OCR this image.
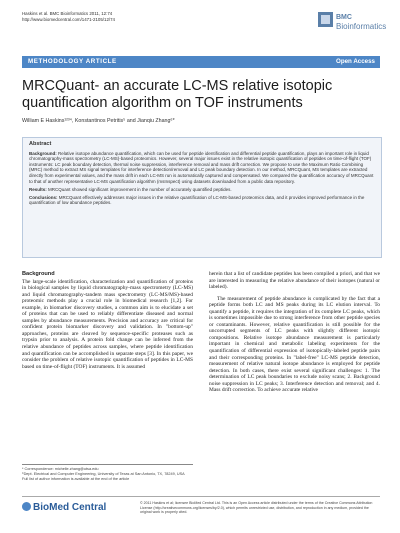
Haskins et al. BMC Bioinformatics 2011, 12:74
http://www.biomedcentral.com/1471-2105/12/74	BMC
Bioinformatics
METHODOLOGY ARTICLE	Open Access
MRCQuant- an accurate LC-MS relative isotopic quantification algorithm on TOF instruments
William E Haskins¹²³⁴, Konstantinos Petritis⁵ and Jianqiu Zhang⁶*
Abstract

Background: Relative isotope abundance quantification, which can be used for peptide identification and differential peptide quantification, plays an important role in liquid chromatography-mass spectrometry (LC-MS)-based proteomics. However, several major issues exist in the relative isotopic quantification of peptides on time-of-flight (TOF) instruments: LC peak boundary detection, thermal noise suppression, interference removal and mass drift correction. We propose to use the Maximum Ratio Combining (MRC) method to extract MS signal templates for interference detection/removal and LC peak boundary detection. In our method, MRCQuant, MS templates are extracted directly from experimental values, and the mass drift in each LC-MS run is automatically captured and compensated. We compared the quantification accuracy of MRCQuant to that of another representative LC-MS quantification algorithm (msInspect) using datasets downloaded from a public data repository.

Results: MRCQuant showed significant improvement in the number of accurately quantified peptides.

Conclusions: MRCQuant effectively addresses major issues in the relative quantification of LC-MS-based proteomics data, and it provides improved performance in the quantification of low abundance peptides.

Background

The large-scale identification, characterization and quantification of proteins in biological samples by liquid chromatography-mass spectrometry (LC-MS) and liquid chromatography-tandem mass spectrometry (LC-MS/MS)-based proteomic methods play a crucial role in biomedical research [1,2]. For example, in biomarker discovery studies, a common aim is to elucidate a set of proteins that can be used to reliably differentiate diseased and normal samples by abundance measurements. Precision and accuracy are critical for confident protein biomarker discovery and validation. In "bottom-up" approaches, proteins are cleaved by sequence-specific proteases such as trypsin prior to analysis. A protein fold change can be inferred from the relative abundance of peptides across samples, where peptide identification and quantification can be accomplished in separate steps [3]. In this paper, we consider the problem of relative isotopic quantification of peptides in LC-MS based on time-of-flight (TOF) instruments. It is assumed

herein that a list of candidate peptides has been compiled a priori, and that we are interested in measuring the relative abundance of their isotopes (natural or labeled).

The measurement of peptide abundance is complicated by the fact that a peptide forms both LC and MS peaks during its LC elution interval. To quantify a peptide, it requires the integration of its complete LC peaks, which is sometimes impossible due to strong interference from other peptide species or contaminants. However, relative quantification is still possible for the uncorrupted segments of LC peaks with slightly different isotopic compositions. Relative isotope abundance measurement is particularly important in chemical and metabolic labeling experiments for the quantification of differential expression of isotopically-labeled peptide pairs and their corresponding proteins. In "label-free" LC-MS peptide detection, measurement of relative natural isotope abundance is employed for peptide detection. In both cases, there exist several significant challenges: 1. The determination of LC peak boundaries to exclude noisy scans; 2. Background noise suppression in LC peaks; 3. Interference detection and removal; and 4. Mass drift correction. To achieve accurate relative

* Correspondence: michelle.zhang@utsa.edu
⁶Dept. Electrical and Computer Engineering, University of Texas at San Antonio, TX, 78249, USA
Full list of author information is available at the end of the article
BioMed Central	© 2011 Haskins et al; licensee BioMed Central Ltd. This is an Open Access article distributed under the terms of the Creative Commons Attribution License (http://creativecommons.org/licenses/by/2.0), which permits unrestricted use, distribution, and reproduction in any medium, provided the original work is properly cited.
